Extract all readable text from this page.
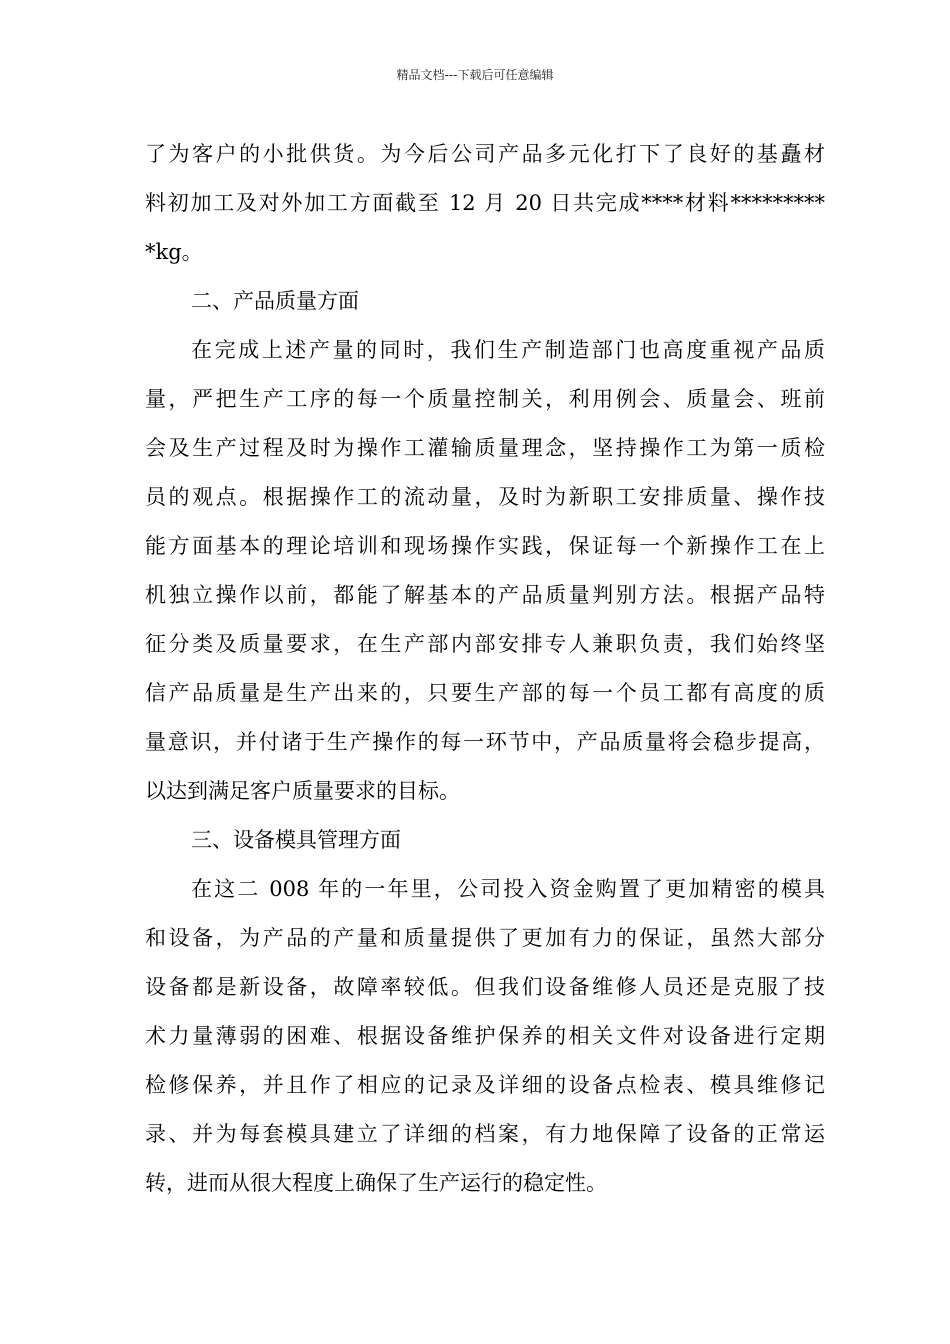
精品文档---下载后可任意编辑
了为客户的小批供货。为今后公司产品多元化打下了良好的基矗材
料初加工及对外加工方面截至 12 月 20 日共完成****材料*********
*kg。
二、产品质量方面
在完成上述产量的同时，我们生产制造部门也高度重视产品质
量，严把生产工序的每一个质量控制关，利用例会、质量会、班前
会及生产过程及时为操作工灌输质量理念，坚持操作工为第一质检
员的观点。根据操作工的流动量，及时为新职工安排质量、操作技
能方面基本的理论培训和现场操作实践，保证每一个新操作工在上
机独立操作以前，都能了解基本的产品质量判别方法。根据产品特
征分类及质量要求，在生产部内部安排专人兼职负责，我们始终坚
信产品质量是生产出来的，只要生产部的每一个员工都有高度的质
量意识，并付诸于生产操作的每一环节中，产品质量将会稳步提高，
以达到满足客户质量要求的目标。
三、设备模具管理方面
在这二 008 年的一年里，公司投入资金购置了更加精密的模具
和设备，为产品的产量和质量提供了更加有力的保证，虽然大部分
设备都是新设备，故障率较低。但我们设备维修人员还是克服了技
术力量薄弱的困难、根据设备维护保养的相关文件对设备进行定期
检修保养，并且作了相应的记录及详细的设备点检表、模具维修记
录、并为每套模具建立了详细的档案，有力地保障了设备的正常运
转，进而从很大程度上确保了生产运行的稳定性。
